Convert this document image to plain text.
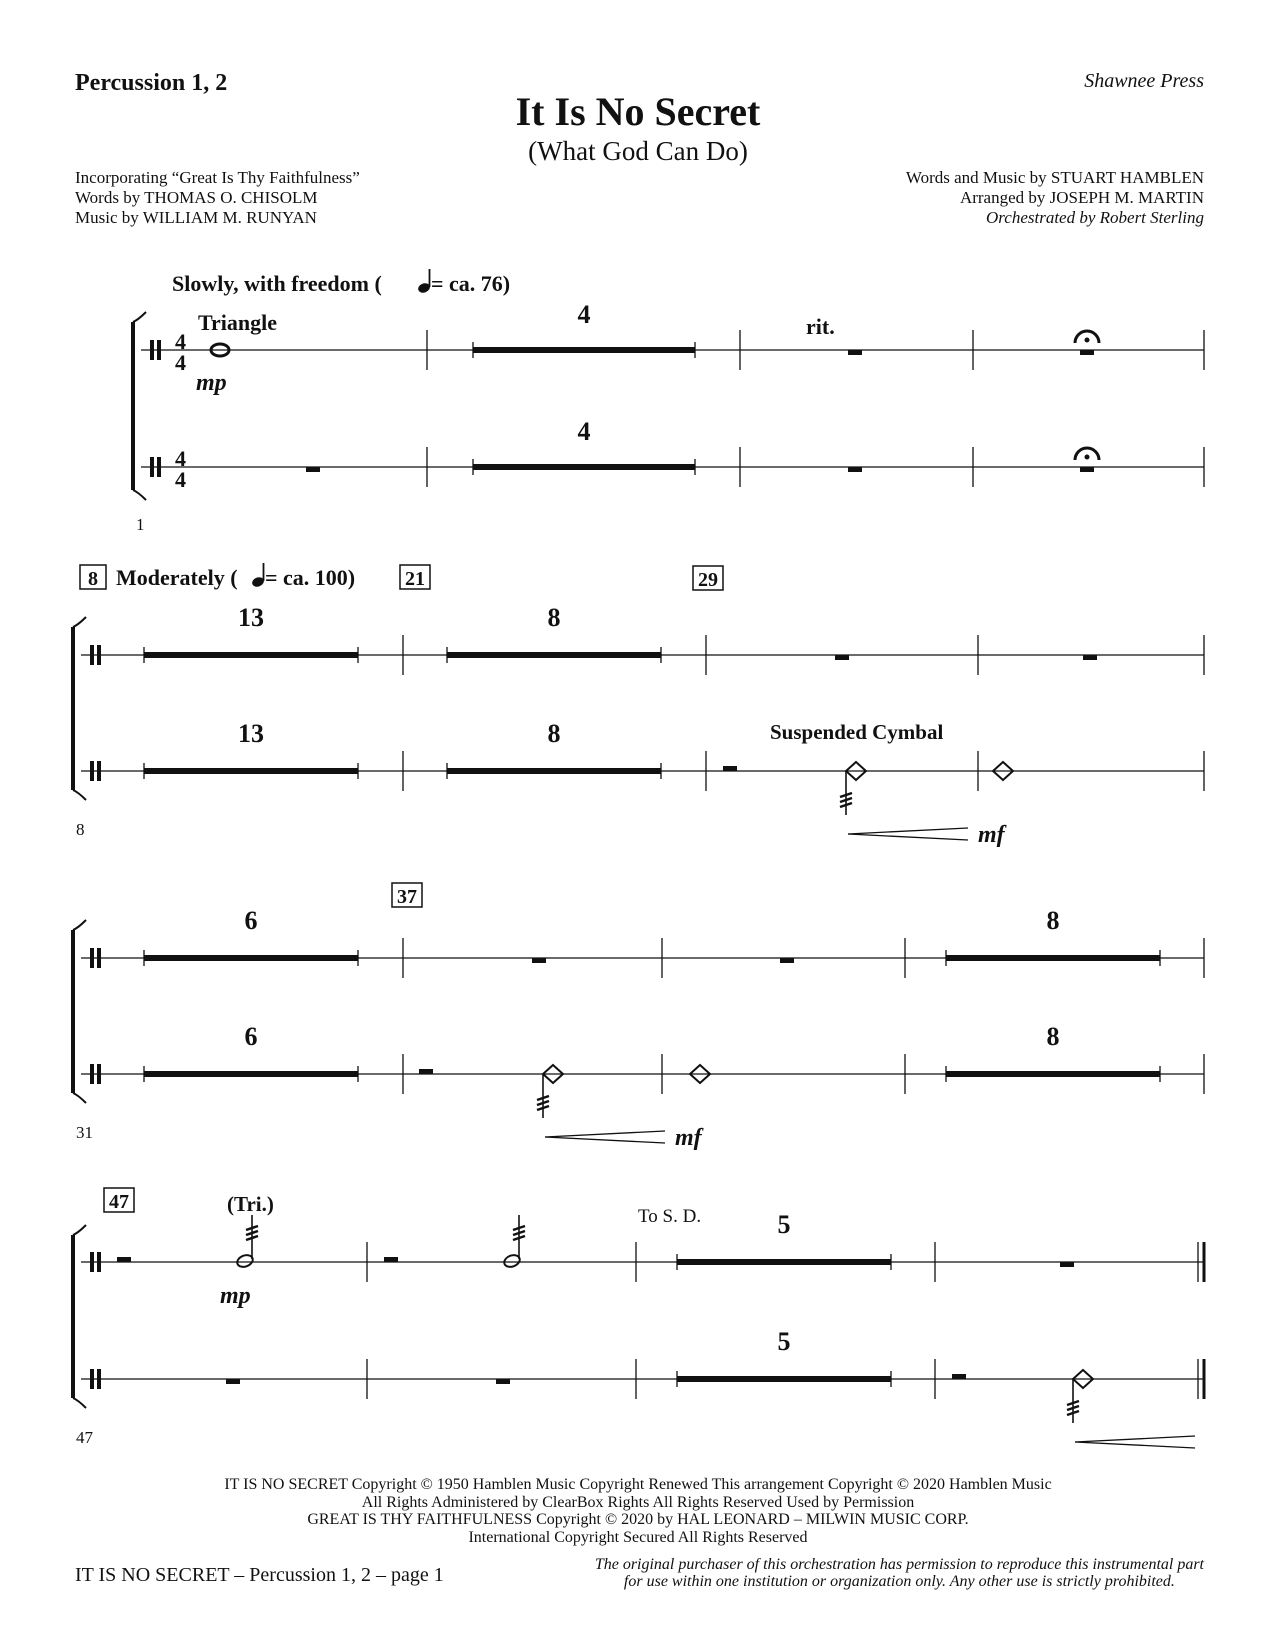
Percussion 1, 2	Shawnee Press
It Is No Secret
(What God Can Do)
Incorporating “Great Is Thy Faithfulness”
Words by THOMAS O. CHISOLM
Music by WILLIAM M. RUNYAN
Words and Music by STUART HAMBLEN
Arranged by JOSEPH M. MARTIN
Orchestrated by Robert Sterling
Slowly, with freedom ( = ca. 76)
4
4
4
4
Triangle
mp
4
4
rit.
1
8 Moderately ( = ca. 100) 21	29
13	8
13	8	Suspended Cymbal
mf
8
37
6	8
6	8
mf
31
47	(Tri.)
To S. D.
mp
5
5
47
IT IS NO SECRET Copyright © 1950 Hamblen Music Copyright Renewed This arrangement Copyright © 2020 Hamblen Music
All Rights Administered by ClearBox Rights All Rights Reserved Used by Permission
GREAT IS THY FAITHFULNESS Copyright © 2020 by HAL LEONARD – MILWIN MUSIC CORP.
International Copyright Secured All Rights Reserved
IT IS NO SECRET – Percussion 1, 2 – page 1	The original purchaser of this orchestration has permission to reproduce this instrumental part
for use within one institution or organization only. Any other use is strictly prohibited.
